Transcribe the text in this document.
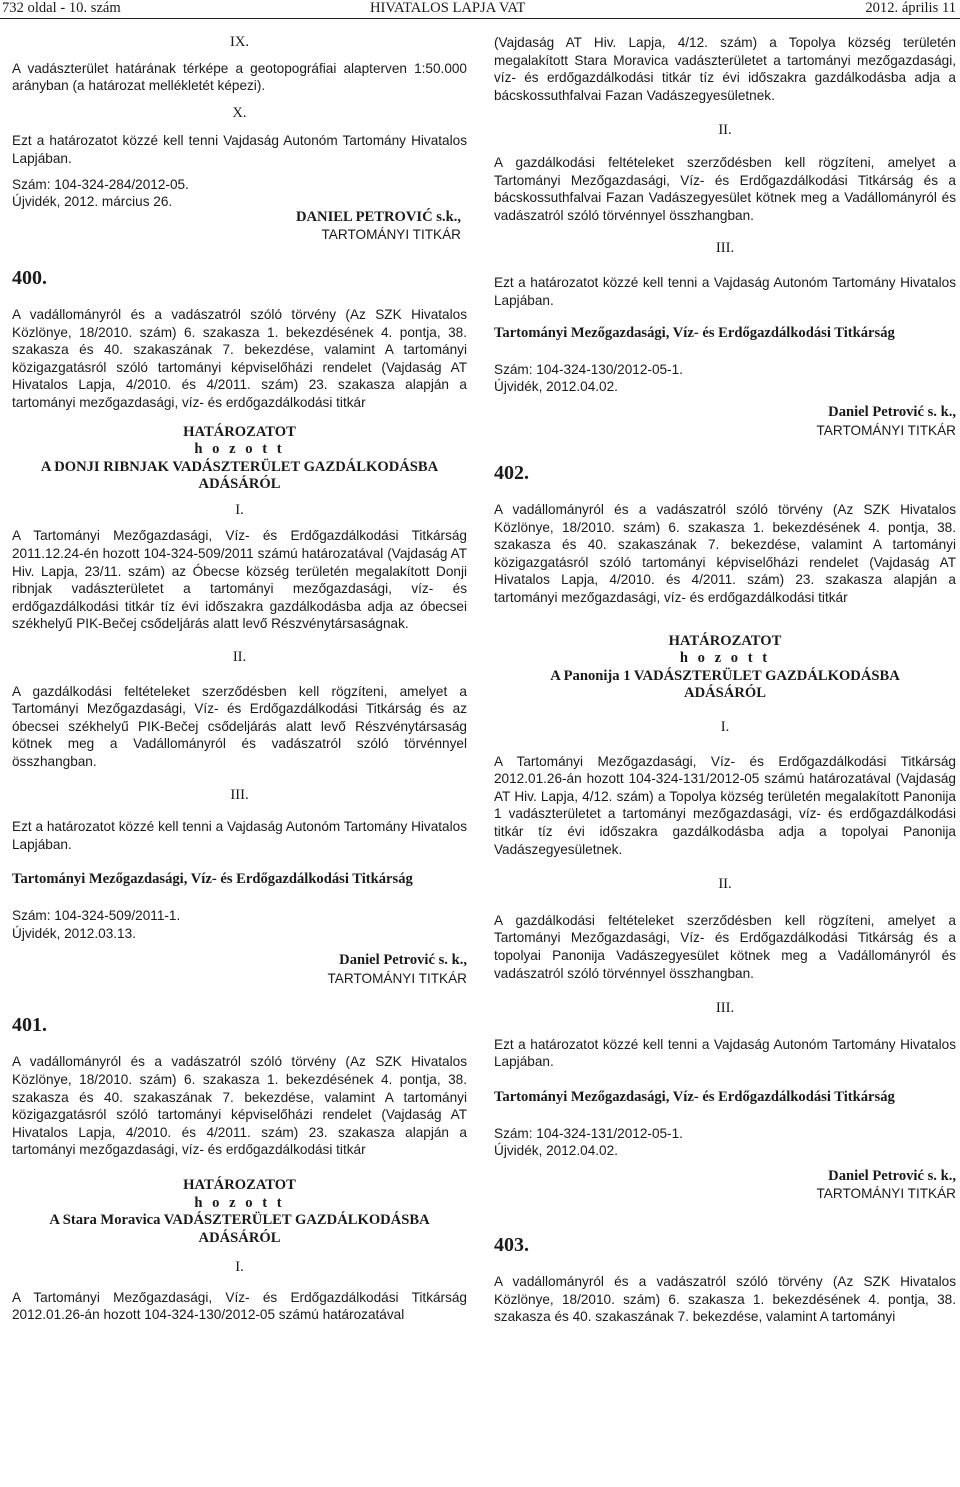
732 oldal - 10. szám	HIVATALOS LAPJA VAT	2012. április 11

IX.

A vadászterület határának térképe a geotopográfiai alapterven 1:50.000 arányban (a határozat mellékletét képezi).

X.

Ezt a határozatot közzé kell tenni Vajdaság Autonóm Tartomány Hivatalos Lapjában.

Szám: 104-324-284/2012-05.

Újvidék, 2012. március 26.

DANIEL PETROVIĆ s.k.,

TARTOMÁNYI TITKÁR

400.

A vadállományról és a vadászatról szóló törvény (Az SZK Hivatalos Közlönye, 18/2010. szám) 6. szakasza 1. bekezdésének 4. pontja, 38. szakasza és 40. szakaszának 7. bekezdése, valamint A tartományi közigazgatásról szóló tartományi képviselőházi rendelet (Vajdaság AT Hivatalos Lapja, 4/2010. és 4/2011. szám) 23. szakasza alapján a tartományi mezőgazdasági, víz- és erdőgazdálkodási titkár

HATÁROZATOT

h o z o t t

A DONJI RIBNJAK VADÁSZTERÜLET GAZDÁLKODÁSBA ADÁSÁRÓL

I.

A Tartományi Mezőgazdasági, Víz- és Erdőgazdálkodási Titkárság 2011.12.24-én hozott 104-324-509/2011 számú határozatával (Vajdaság AT Hiv. Lapja, 23/11. szám) az Óbecse község területén megalakított Donji ribnjak vadászterületet a tartományi mezőgazdasági, víz- és erdőgazdálkodási titkár tíz évi időszakra gazdálkodásba adja az óbecsei székhelyű PIK-Bečej csődeljárás alatt levő Részvénytársaságnak.

II.

A gazdálkodási feltételeket szerződésben kell rögzíteni, amelyet a Tartományi Mezőgazdasági, Víz- és Erdőgazdálkodási Titkárság és az óbecsei székhelyű PIK-Bečej csődeljárás alatt levő Részvénytársaság kötnek meg a Vadállományról és vadászatról szóló törvénnyel összhangban.

III.

Ezt a határozatot közzé kell tenni a Vajdaság Autonóm Tartomány Hivatalos Lapjában.

Tartományi Mezőgazdasági, Víz- és Erdőgazdálkodási Titkárság

Szám: 104-324-509/2011-1.

Újvidék, 2012.03.13.

Daniel Petrović s. k.,

TARTOMÁNYI TITKÁR

401.

A vadállományról és a vadászatról szóló törvény (Az SZK Hivatalos Közlönye, 18/2010. szám) 6. szakasza 1. bekezdésének 4. pontja, 38. szakasza és 40. szakaszának 7. bekezdése, valamint A tartományi közigazgatásról szóló tartományi képviselőházi rendelet (Vajdaság AT Hivatalos Lapja, 4/2010. és 4/2011. szám) 23. szakasza alapján a tartományi mezőgazdasági, víz- és erdőgazdálkodási titkár

HATÁROZATOT

h o z o t t

A Stara Moravica VADÁSZTERÜLET GAZDÁLKODÁSBA ADÁSÁRÓL

I.

A Tartományi Mezőgazdasági, Víz- és Erdőgazdálkodási Titkárság 2012.01.26-án hozott 104-324-130/2012-05 számú határozatával

(Vajdaság AT Hiv. Lapja, 4/12. szám) a Topolya község területén megalakított Stara Moravica vadászterületet a tartományi mezőgazdasági, víz- és erdőgazdálkodási titkár tíz évi időszakra gazdálkodásba adja a bácskossuthfalvai Fazan Vadászegyesületnek.

II.

A gazdálkodási feltételeket szerződésben kell rögzíteni, amelyet a Tartományi Mezőgazdasági, Víz- és Erdőgazdálkodási Titkárság és a bácskossuthfalvai Fazan Vadászegyesület kötnek meg a Vadállományról és vadászatról szóló törvénnyel összhangban.

III.

Ezt a határozatot közzé kell tenni a Vajdaság Autonóm Tartomány Hivatalos Lapjában.

Tartományi Mezőgazdasági, Víz- és Erdőgazdálkodási Titkárság

Szám: 104-324-130/2012-05-1.

Újvidék, 2012.04.02.

Daniel Petrović s. k.,

TARTOMÁNYI TITKÁR

402.

A vadállományról és a vadászatról szóló törvény (Az SZK Hivatalos Közlönye, 18/2010. szám) 6. szakasza 1. bekezdésének 4. pontja, 38. szakasza és 40. szakaszának 7. bekezdése, valamint A tartományi közigazgatásról szóló tartományi képviselőházi rendelet (Vajdaság AT Hivatalos Lapja, 4/2010. és 4/2011. szám) 23. szakasza alapján a tartományi mezőgazdasági, víz- és erdőgazdálkodási titkár

HATÁROZATOT

h o z o t t

A Panonija 1 VADÁSZTERÜLET GAZDÁLKODÁSBA ADÁSÁRÓL

I.

A Tartományi Mezőgazdasági, Víz- és Erdőgazdálkodási Titkárság 2012.01.26-án hozott 104-324-131/2012-05 számú határozatával (Vajdaság AT Hiv. Lapja, 4/12. szám) a Topolya község területén megalakított Panonija 1 vadászterületet a tartományi mezőgazdasági, víz- és erdőgazdálkodási titkár tíz évi időszakra gazdálkodásba adja a topolyai Panonija Vadászegyesületnek.

II.

A gazdálkodási feltételeket szerződésben kell rögzíteni, amelyet a Tartományi Mezőgazdasági, Víz- és Erdőgazdálkodási Titkárság és a topolyai Panonija Vadászegyesület kötnek meg a Vadállományról és vadászatról szóló törvénnyel összhangban.

III.

Ezt a határozatot közzé kell tenni a Vajdaság Autonóm Tartomány Hivatalos Lapjában.

Tartományi Mezőgazdasági, Víz- és Erdőgazdálkodási Titkárság

Szám: 104-324-131/2012-05-1.

Újvidék, 2012.04.02.

Daniel Petrović s. k.,

TARTOMÁNYI TITKÁR

403.

A vadállományról és a vadászatról szóló törvény (Az SZK Hivatalos Közlönye, 18/2010. szám) 6. szakasza 1. bekezdésének 4. pontja, 38. szakasza és 40. szakaszának 7. bekezdése, valamint A tartományi
